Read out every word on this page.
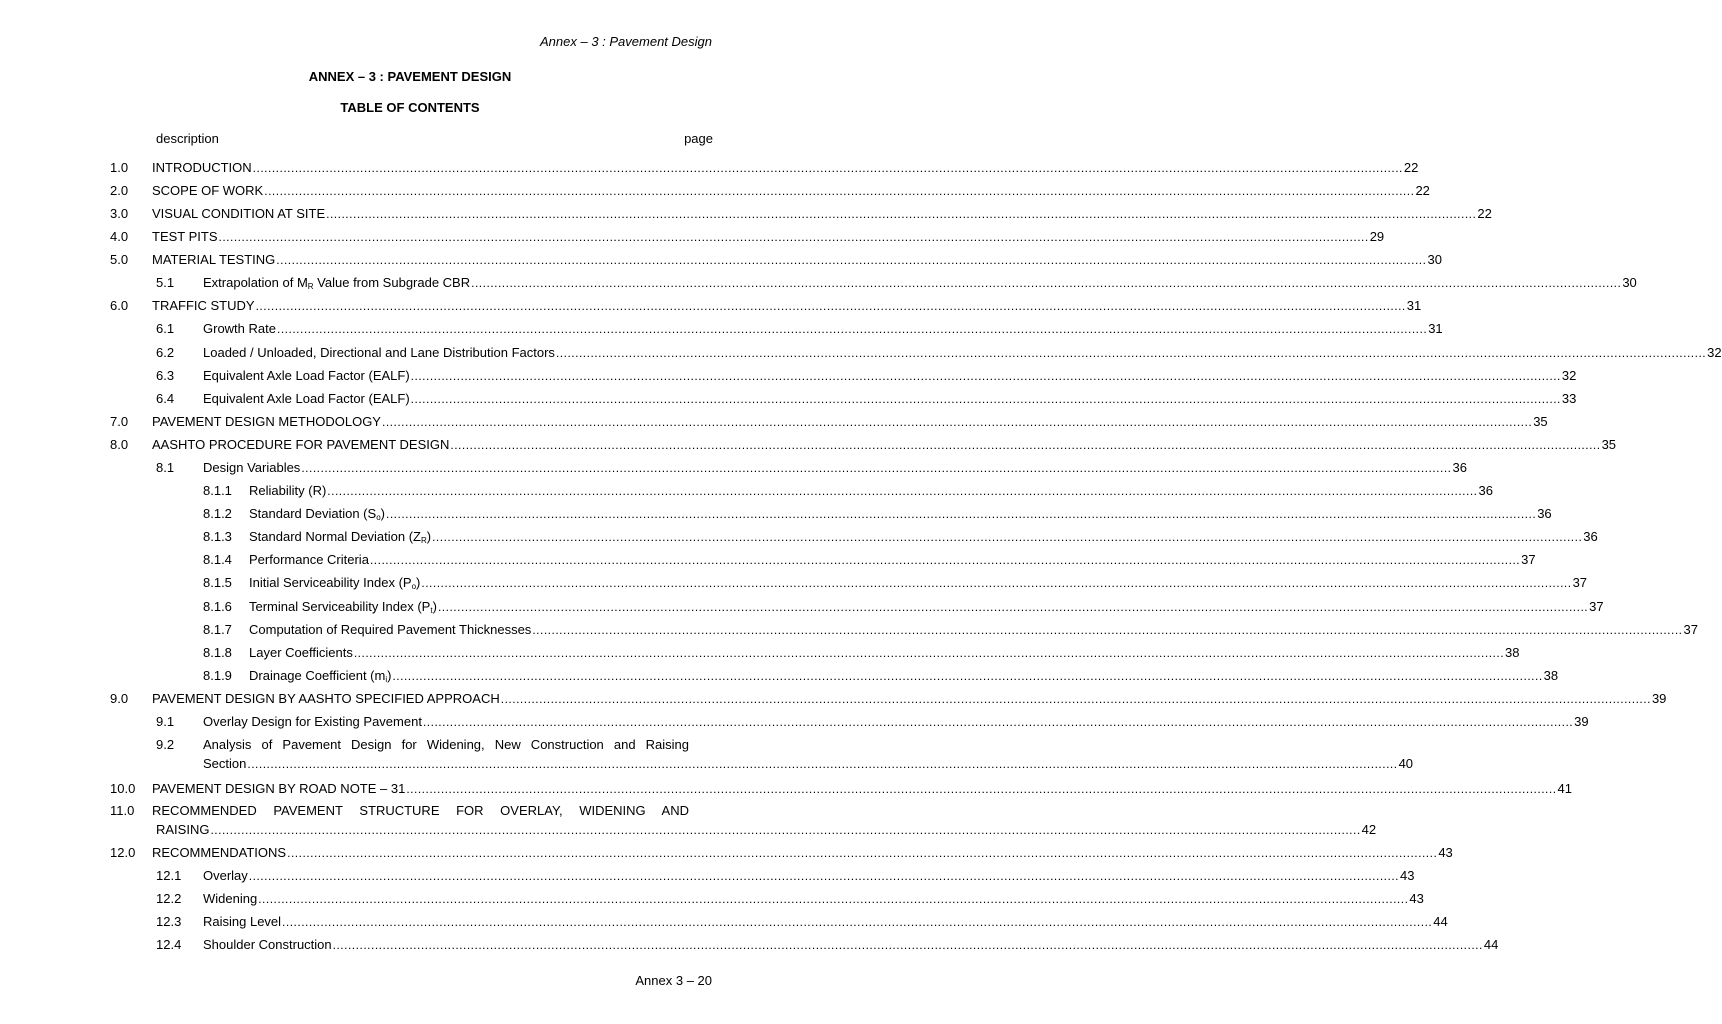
Annex – 3 : Pavement Design
ANNEX – 3 : PAVEMENT DESIGN
TABLE OF CONTENTS
description	page
1.0 INTRODUCTION ............................................................................................................................................................................................................................................................................................................ 22
2.0 SCOPE OF WORK ............................................................................................................................................................................................................................................................................................................ 22
3.0 VISUAL CONDITION AT SITE ............................................................................................................................................................................................................................................................................................................ 22
4.0 TEST PITS ............................................................................................................................................................................................................................................................................................................ 29
5.0 MATERIAL TESTING ............................................................................................................................................................................................................................................................................................................ 30
5.1 Extrapolation of $M_R$ Value from Subgrade CBR ............................................................................................................................................................................................................................................................................................................ 30
6.0 TRAFFIC STUDY ............................................................................................................................................................................................................................................................................................................ 31
6.1 Growth Rate ............................................................................................................................................................................................................................................................................................................ 31
6.2 Loaded / Unloaded, Directional and Lane Distribution Factors ............................................................................................................................................................................................................................................................................................................ 32
6.3 Equivalent Axle Load Factor (EALF) ............................................................................................................................................................................................................................................................................................................ 32
6.4 Equivalent Axle Load Factor (EALF) ............................................................................................................................................................................................................................................................................................................ 33
7.0 PAVEMENT DESIGN METHODOLOGY ............................................................................................................................................................................................................................................................................................................ 35
8.0 AASHTO PROCEDURE FOR PAVEMENT DESIGN ............................................................................................................................................................................................................................................................................................................ 35
8.1 Design Variables ............................................................................................................................................................................................................................................................................................................ 36
8.1.1 Reliability (R) ............................................................................................................................................................................................................................................................................................................ 36
8.1.2 Standard Deviation $(S_o)$ ............................................................................................................................................................................................................................................................................................................ 36
8.1.3 Standard Normal Deviation $(Z_R)$ ............................................................................................................................................................................................................................................................................................................ 36
8.1.4 Performance Criteria ............................................................................................................................................................................................................................................................................................................ 37
8.1.5 Initial Serviceability Index $(P_o)$ ............................................................................................................................................................................................................................................................................................................ 37
8.1.6 Terminal Serviceability Index $(P_t)$ ............................................................................................................................................................................................................................................................................................................ 37
8.1.7 Computation of Required Pavement Thicknesses ............................................................................................................................................................................................................................................................................................................ 37
8.1.8 Layer Coefficients ............................................................................................................................................................................................................................................................................................................ 38
8.1.9 Drainage Coefficient $(m_i)$ ............................................................................................................................................................................................................................................................................................................ 38
9.0 PAVEMENT DESIGN BY AASHTO SPECIFIED APPROACH ............................................................................................................................................................................................................................................................................................................ 39
9.1 Overlay Design for Existing Pavement ............................................................................................................................................................................................................................................................................................................ 39
9.2 Analysis of Pavement Design for Widening, New Construction and Raising
Section ............................................................................................................................................................................................................................................................................................................ 40
10.0 PAVEMENT DESIGN BY ROAD NOTE – 31 ............................................................................................................................................................................................................................................................................................................ 41
11.0 RECOMMENDED PAVEMENT STRUCTURE FOR OVERLAY, WIDENING AND
RAISING ............................................................................................................................................................................................................................................................................................................ 42
12.0 RECOMMENDATIONS ............................................................................................................................................................................................................................................................................................................ 43
12.1 Overlay ............................................................................................................................................................................................................................................................................................................ 43
12.2 Widening ............................................................................................................................................................................................................................................................................................................ 43
12.3 Raising Level ............................................................................................................................................................................................................................................................................................................ 44
12.4 Shoulder Construction ............................................................................................................................................................................................................................................................................................................ 44
Annex 3 – 20
